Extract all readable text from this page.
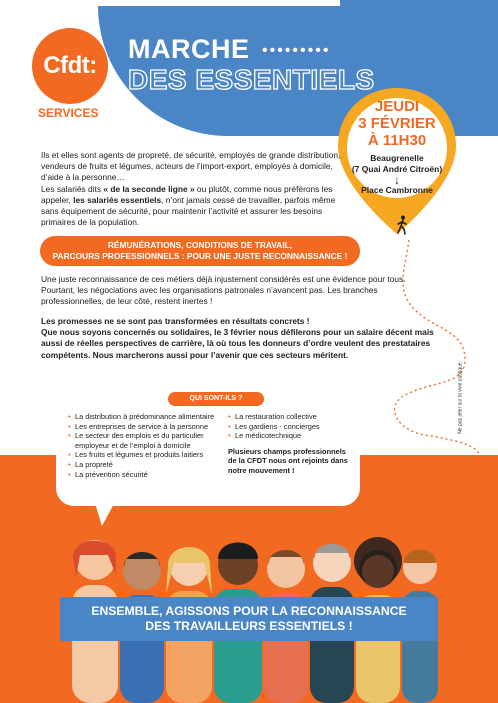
Cfdt:
SERVICES
MARCHE •••••••••
DES ESSENTIELS
JEUDI
3 FÉVRIER
À 11H30
Beaugrenelle
(7 Quai André Citroën)
↓
Place Cambronne
Ils et elles sont agents de propreté, de sécurité, employés de grande distribution, vendeurs de fruits et légumes, acteurs de l’import-export, employés à domicile, d’aide à la personne…
Les salariés dits « de la seconde ligne » ou plutôt, comme nous préférons les appeler, les salariés essentiels, n’ont jamais cessé de travailler, parfois même sans équipement de sécurité, pour maintenir l’activité et assurer les besoins primaires de la population.
RÉMUNÉRATIONS, CONDITIONS DE TRAVAIL,
PARCOURS PROFESSIONNELS : POUR UNE JUSTE RECONNAISSANCE !
Une juste reconnaissance de ces métiers déjà injustement considérés est une évidence pour tous. Pourtant, les négociations avec les organisations patronales n’avancent pas. Les branches professionnelles, de leur côté, restent inertes !
Les promesses ne se sont pas transformées en résultats concrets !
Que nous soyons concernés ou solidaires, le 3 février nous défilerons pour un salaire décent mais aussi de réelles perspectives de carrière, là où tous les donneurs d’ordre veulent des prestataires compétents. Nous marcherons aussi pour l’avenir que ces secteurs méritent.
Ne pas jeter sur la voie publique
QUI SONT-ILS ?
• La distribution à prédominance alimentaire
• Les entreprises de service à la personne
• Le secteur des emplois et du particulier employeur et de l’emploi à domicile
• Les fruits et légumes et produits laitiers
• La propreté
• La prévention sécurité
• La restauration collective
• Les gardiens - concierges
• Le médicotechnique
Plusieurs champs professionnels de la CFDT nous ont rejoints dans notre mouvement !
ENSEMBLE, AGISSONS POUR LA RECONNAISSANCE
DES TRAVAILLEURS ESSENTIELS !
